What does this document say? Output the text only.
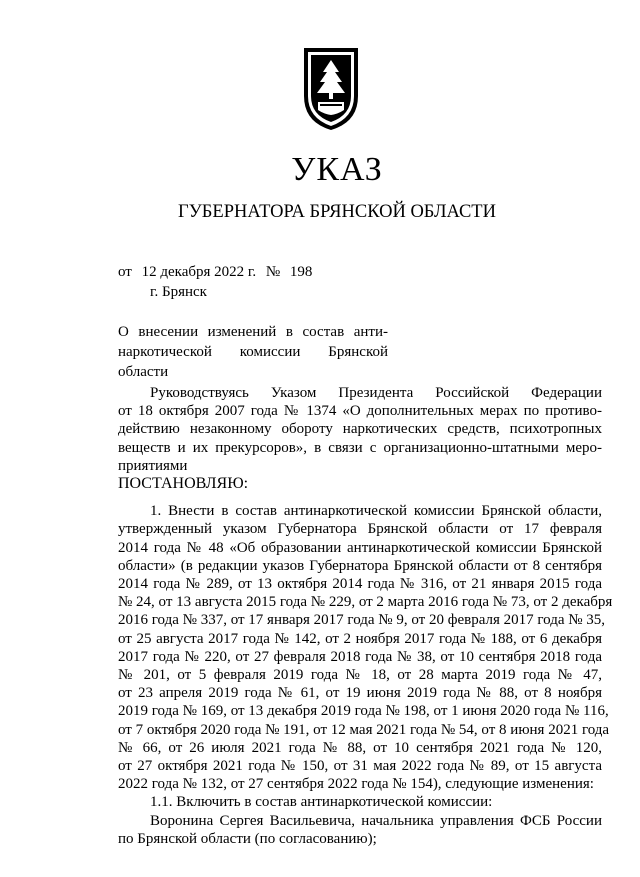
УКАЗ
ГУБЕРНАТОРА БРЯНСКОЙ ОБЛАСТИ
от 12 декабря 2022 г. № 198
г. Брянск
О внесении изменений в состав анти-
наркотической комиссии Брянской области
Руководствуясь Указом Президента Российской Федерации
от 18 октября 2007 года № 1374 «О дополнительных мерах по противо-
действию незаконному обороту наркотических средств, психотропных
веществ и их прекурсоров», в связи с организационно-штатными меро-
приятиями
ПОСТАНОВЛЯЮ:
1. Внести в состав антинаркотической комиссии Брянской области,
утвержденный указом Губернатора Брянской области от 17 февраля
2014 года № 48 «Об образовании антинаркотической комиссии Брянской
области» (в редакции указов Губернатора Брянской области от 8 сентября
2014 года № 289, от 13 октября 2014 года № 316, от 21 января 2015 года
№ 24, от 13 августа 2015 года № 229, от 2 марта 2016 года № 73, от 2 декабря
2016 года № 337, от 17 января 2017 года № 9, от 20 февраля 2017 года № 35,
от 25 августа 2017 года № 142, от 2 ноября 2017 года № 188, от 6 декабря
2017 года № 220, от 27 февраля 2018 года № 38, от 10 сентября 2018 года
№ 201, от 5 февраля 2019 года № 18, от 28 марта 2019 года № 47,
от 23 апреля 2019 года № 61, от 19 июня 2019 года № 88, от 8 ноября
2019 года № 169, от 13 декабря 2019 года № 198, от 1 июня 2020 года № 116,
от 7 октября 2020 года № 191, от 12 мая 2021 года № 54, от 8 июня 2021 года
№ 66, от 26 июля 2021 года № 88, от 10 сентября 2021 года № 120,
от 27 октября 2021 года № 150, от 31 мая 2022 года № 89, от 15 августа
2022 года № 132, от 27 сентября 2022 года № 154), следующие изменения:
1.1. Включить в состав антинаркотической комиссии:
Воронина Сергея Васильевича, начальника управления ФСБ России
по Брянской области (по согласованию);
